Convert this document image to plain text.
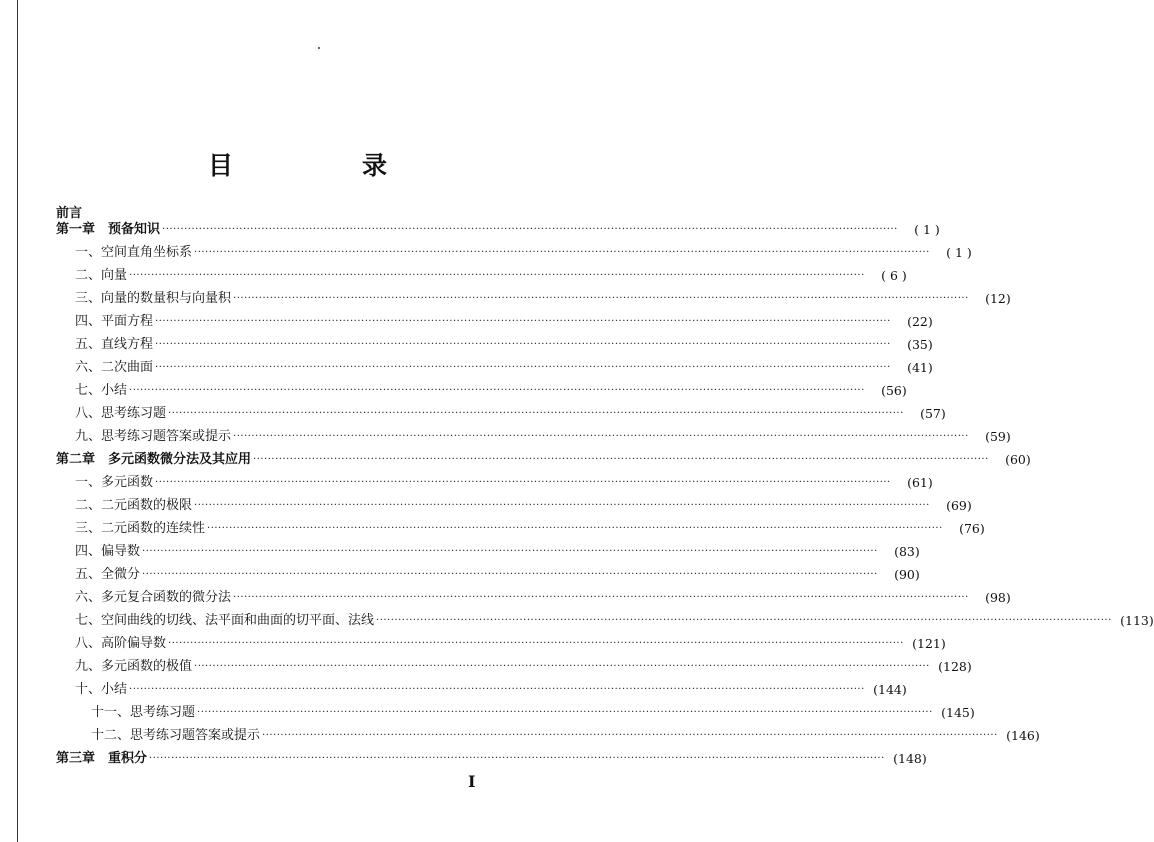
目　录
前言
第一章　预备知识 ········································································································································································································	( 1 )
一、空间直角坐标系 ········································································································································································································	( 1 )
二、向量 ········································································································································································································	( 6 )
三、向量的数量积与向量积 ········································································································································································································	(12)
四、平面方程 ········································································································································································································	(22)
五、直线方程 ········································································································································································································	(35)
六、二次曲面 ········································································································································································································	(41)
七、小结 ········································································································································································································	(56)
八、思考练习题 ········································································································································································································	(57)
九、思考练习题答案或提示 ········································································································································································································	(59)
第二章　多元函数微分法及其应用 ········································································································································································································	(60)
一、多元函数 ········································································································································································································	(61)
二、二元函数的极限 ········································································································································································································	(69)
三、二元函数的连续性 ········································································································································································································	(76)
四、偏导数 ········································································································································································································	(83)
五、全微分 ········································································································································································································	(90)
六、多元复合函数的微分法 ········································································································································································································	(98)
七、空间曲线的切线、法平面和曲面的切平面、法线 ········································································································································································································ (113)
八、高阶偏导数 ········································································································································································································ (121)
九、多元函数的极值 ········································································································································································································ (128)
十、小结 ········································································································································································································ (144)
十一、思考练习题 ········································································································································································································ (145)
十二、思考练习题答案或提示 ········································································································································································································ (146)
第三章　重积分 ········································································································································································································ (148)
I
